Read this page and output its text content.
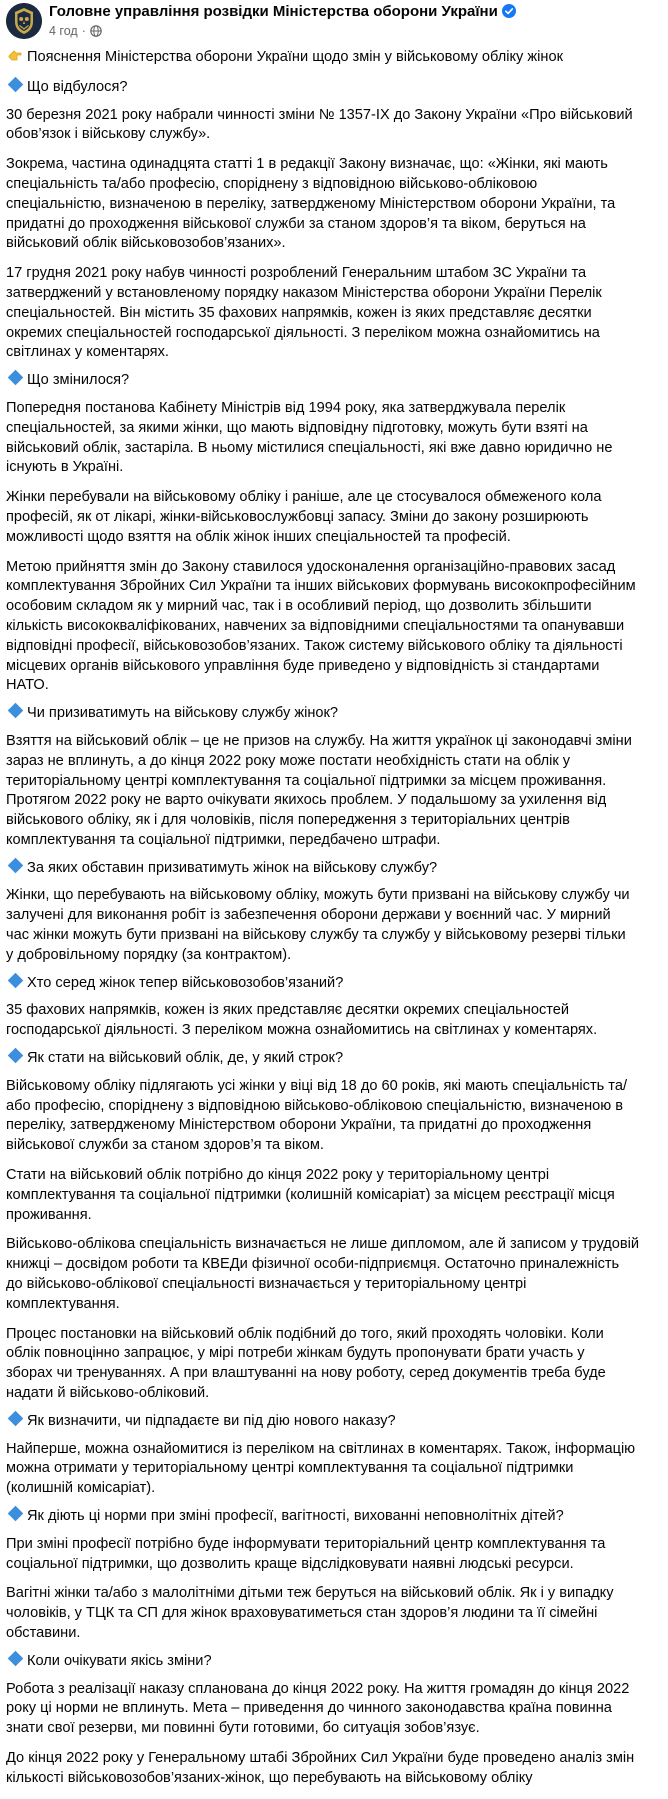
Головне управління розвідки Міністерства оборони України
4 год ·
Пояснення Міністерства оборони України щодо змін у військовому обліку жінок
Що відбулося?
30 березня 2021 року набрали чинності зміни № 1357-IX до Закону України «Про військовий
обов’язок і військову службу».
Зокрема, частина одинадцята статті 1 в редакції Закону визначає, що: «Жінки, які мають
спеціальність та/або професію, споріднену з відповідною військово-обліковою
спеціальністю, визначеною в переліку, затвердженому Міністерством оборони України, та
придатні до проходження військової служби за станом здоров’я та віком, беруться на
військовий облік військовозобов’язаних».
17 грудня 2021 року набув чинності розроблений Генеральним штабом ЗС України та
затверджений у встановленому порядку наказом Міністерства оборони України Перелік
спеціальностей. Він містить 35 фахових напрямків, кожен із яких представляє десятки
окремих спеціальностей господарської діяльності. З переліком можна ознайомитись на
світлинах у коментарях.
Що змінилося?
Попередня постанова Кабінету Міністрів від 1994 року, яка затверджувала перелік
спеціальностей, за якими жінки, що мають відповідну підготовку, можуть бути взяті на
військовий облік, застаріла. В ньому містилися спеціальності, які вже давно юридично не
існують в Україні.
Жінки перебували на військовому обліку і раніше, але це стосувалося обмеженого кола
професій, як от лікарі, жінки-військовослужбовці запасу. Зміни до закону розширюють
можливості щодо взяття на облік жінок інших спеціальностей та професій.
Метою прийняття змін до Закону ставилося удосконалення організаційно-правових засад
комплектування Збройних Сил України та інших військових формувань висококпрофесійним
особовим складом як у мирний час, так і в особливий період, що дозволить збільшити
кількість висококваліфікованих, навчених за відповідними спеціальностями та опанувавши
відповідні професії, військовозобов’язаних. Також систему військового обліку та діяльності
місцевих органів військового управління буде приведено у відповідність зі стандартами
НАТО.
Чи призиватимуть на військову службу жінок?
Взяття на військовий облік – це не призов на службу. На життя українок ці законодавчі зміни
зараз не вплинуть, а до кінця 2022 року може постати необхідність стати на облік у
територіальному центрі комплектування та соціальної підтримки за місцем проживання.
Протягом 2022 року не варто очікувати якихось проблем. У подальшому за ухилення від
військового обліку, як і для чоловіків, після попередження з територіальних центрів
комплектування та соціальної підтримки, передбачено штрафи.
За яких обставин призиватимуть жінок на військову службу?
Жінки, що перебувають на військовому обліку, можуть бути призвані на військову службу чи
залучені для виконання робіт із забезпечення оборони держави у воєнний час. У мирний
час жінки можуть бути призвані на військову службу та службу у військовому резерві тільки
у добровільному порядку (за контрактом).
Хто серед жінок тепер військовозобов’язаний?
35 фахових напрямків, кожен із яких представляє десятки окремих спеціальностей
господарської діяльності. З переліком можна ознайомитись на світлинах у коментарях.
Як стати на військовий облік, де, у який строк?
Військовому обліку підлягають усі жінки у віці від 18 до 60 років, які мають спеціальність та/
або професію, споріднену з відповідною військово-обліковою спеціальністю, визначеною в
переліку, затвердженому Міністерством оборони України, та придатні до проходження
військової служби за станом здоров’я та віком.
Стати на військовий облік потрібно до кінця 2022 року у територіальному центрі
комплектування та соціальної підтримки (колишній комісаріат) за місцем реєстрації місця
проживання.
Військово-облікова спеціальність визначається не лише дипломом, але й записом у трудовій
книжці – досвідом роботи та КВЕДи фізичної особи-підприємця. Остаточно приналежність
до військово-облікової спеціальності визначається у територіальному центрі
комплектування.
Процес постановки на військовий облік подібний до того, який проходять чоловіки. Коли
облік повноцінно запрацює, у мірі потреби жінкам будуть пропонувати брати участь у
зборах чи тренуваннях. А при влаштуванні на нову роботу, серед документів треба буде
надати й військово-обліковий.
Як визначити, чи підпадаєте ви під дію нового наказу?
Найперше, можна ознайомитися із переліком на світлинах в коментарях. Також, інформацію
можна отримати у територіальному центрі комплектування та соціальної підтримки
(колишній комісаріат).
Як діють ці норми при зміні професії, вагітності, вихованні неповнолітніх дітей?
При зміні професії потрібно буде інформувати територіальний центр комплектування та
соціальної підтримки, що дозволить краще відслідковувати наявні людські ресурси.
Вагітні жінки та/або з малолітніми дітьми теж беруться на військовий облік. Як і у випадку
чоловіків, у ТЦК та СП для жінок враховуватиметься стан здоров’я людини та її сімейні
обставини.
Коли очікувати якісь зміни?
Робота з реалізації наказу спланована до кінця 2022 року. На життя громадян до кінця 2022
року ці норми не вплинуть. Мета – приведення до чинного законодавства країна повинна
знати свої резерви, ми повинні бути готовими, бо ситуація зобов’язує.
До кінця 2022 року у Генеральному штабі Збройних Сил України буде проведено аналіз змін
кількості військовозобов’язаних-жінок, що перебувають на військовому обліку
